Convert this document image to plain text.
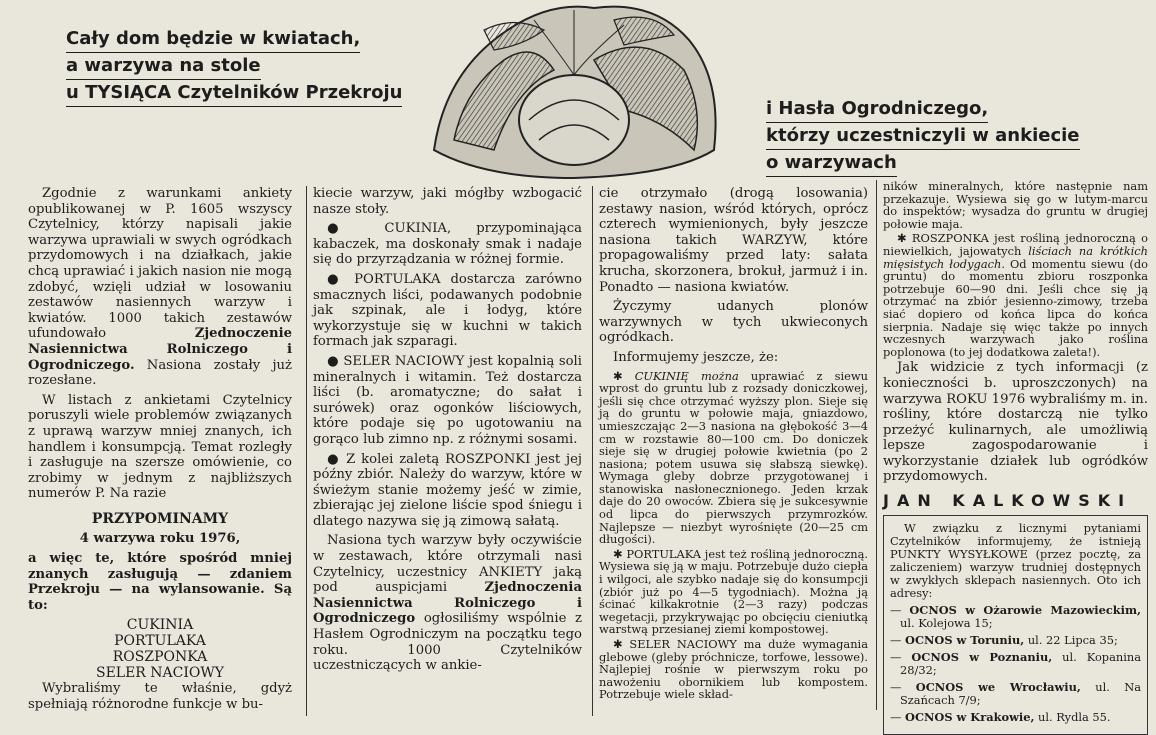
Cały dom będzie w kwiatach,
a warzywa na stole
u TYSIĄCA Czytelników Przekroju
i Hasła Ogrodniczego,
którzy uczestniczyli w ankiecie
o warzywach

Zgodnie z warunkami ankiety opublikowanej w P. 1605 wszyscy Czytelnicy, którzy napisali jakie warzywa uprawiali w swych ogródkach przydomowych i na działkach, jakie chcą uprawiać i jakich nasion nie mogą zdobyć, wzięli udział w losowaniu zestawów nasiennych warzyw i kwiatów. 1000 takich zestawów ufundowało	Zjednoczenie Nasiennictwa Rolniczego i Ogrodniczego. Nasiona zostały już rozesłane.

W listach z ankietami Czytelnicy poruszyli wiele problemów związanych z uprawą warzyw mniej znanych, ich handlem i konsumpcją. Temat rozległy i zasługuje na szersze omówienie, co zrobimy w jednym z najbliższych numerów P. Na razie

PRZYPOMINAMY

4 warzywa roku 1976,

a więc te, które spośród mniej znanych zasługują — zdaniem Przekroju — na wylansowanie. Są to:

CUKINIA
PORTULAKA
ROSZPONKA
SELER NACIOWY

Wybraliśmy te właśnie, gdyż spełniają różnorodne funkcje w bu-

kiecie warzyw, jaki mógłby wzbogacić nasze stoły.

● CUKINIA, przypominająca kabaczek, ma doskonały smak i nadaje się do przyrządzania w różnej formie.

● PORTULAKA dostarcza zarówno smacznych liści, podawanych podobnie jak szpinak, ale i łodyg, które wykorzystuje się w kuchni w takich formach jak szparagi.

● SELER NACIOWY jest kopalnią soli mineralnych i witamin. Też dostarcza liści (b. aromatyczne; do sałat i surówek) oraz ogonków liściowych, które podaje się po ugotowaniu na gorąco lub zimno np. z różnymi sosami.

● Z kolei zaletą ROSZPONKI jest jej późny zbiór. Należy do warzyw, które w świeżym stanie możemy jeść w zimie, zbierając jej zielone liście spod śniegu i dlatego nazywa się ją zimową sałatą.

Nasiona tych warzyw były oczywiście w zestawach, które otrzymali nasi Czytelnicy, uczestnicy ANKIETY jaką pod auspicjami Zjednoczenia Nasiennictwa Rolniczego i Ogrodniczego ogłosiliśmy wspólnie z Hasłem Ogrodniczym na początku tego roku. 1000 Czytelników uczestniczących w ankie-

cie otrzymało (drogą losowania) zestawy nasion, wśród których, oprócz czterech wymienionych, były jeszcze nasiona takich WARZYW, które propagowaliśmy przed laty: sałata krucha, skorzonera, brokuł, jarmuż i in. Ponadto — nasiona kwiatów.

Życzymy udanych plonów warzywnych w tych ukwieconych ogródkach.

Informujemy jeszcze, że:

✱ CUKINIĘ można uprawiać z siewu wprost do gruntu lub z rozsady doniczkowej, jeśli się chce otrzymać wyższy plon. Sieje się ją do gruntu w połowie maja, gniazdowo, umieszczając 2—3 nasiona na głębokość 3—4 cm w rozstawie 80—100 cm. Do doniczek sieje się w drugiej połowie kwietnia (po 2 nasiona; potem usuwa się słabszą siewkę). Wymaga gleby dobrze przygotowanej i stanowiska nasłonecznionego. Jeden krzak daje do 20 owoców. Zbiera się je sukcesywnie od lipca do pierwszych przymrozków. Najlepsze — niezbyt wyrośnięte (20—25 cm długości).

✱ PORTULAKA jest też rośliną jednoroczną. Wysiewa się ją w maju. Potrzebuje dużo ciepła i wilgoci, ale szybko nadaje się do konsumpcji (zbiór już po 4—5 tygodniach). Można ją ścinać kilkakrotnie (2—3 razy) podczas wegetacji, przykrywając po obcięciu cieniutką warstwą przesianej ziemi kompostowej.

✱ SELER NACIOWY ma duże wymagania glebowe (gleby próchnicze, torfowe, lessowe). Najlepiej rośnie w pierwszym roku po nawożeniu obornikiem lub kompostem. Potrzebuje wiele skład-

ników mineralnych, które następnie nam przekazuje. Wysiewa się go w lutym-marcu do inspektów; wysadza do gruntu w drugiej połowie maja.

✱ ROSZPONKA jest rośliną jednoroczną o niewielkich, jajowatych liściach na krótkich mięsistych łodygach. Od momentu siewu (do gruntu) do momentu zbioru roszponka potrzebuje 60—90 dni. Jeśli chce się ją otrzymać na zbiór jesienno-zimowy, trzeba siać dopiero od końca lipca do końca sierpnia. Nadaje się więc także po innych wczesnych warzywach jako roślina poplonowa (to jej dodatkowa zaleta!).

Jak widzicie z tych informacji (z konieczności b. uproszczonych) na warzywa ROKU 1976 wybraliśmy m. in. rośliny, które dostarczą nie tylko przeżyć kulinarnych, ale umożliwią lepsze zagospodarowanie i wykorzystanie działek lub ogródków przydomowych.

JAN KALKOWSKI

W związku z licznymi pytaniami Czytelników informujemy, że istnieją PUNKTY WYSYŁKOWE (przez pocztę, za zaliczeniem) warzyw trudniej dostępnych w zwykłych sklepach nasiennych. Oto ich adresy:

— OCNOS w Ożarowie Mazowieckim, ul. Kolejowa 15;

— OCNOS w Toruniu, ul. 22 Lipca 35;

— OCNOS w Poznaniu, ul. Kopanina 28/32;

— OCNOS we Wrocławiu, ul. Na Szańcach 7/9;

— OCNOS w Krakowie, ul. Rydla 55.
